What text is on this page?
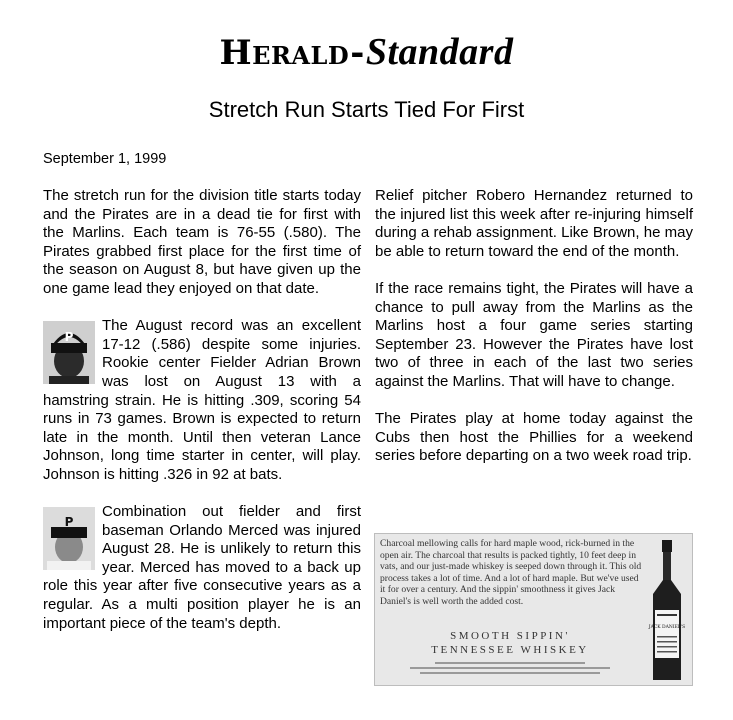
Herald-Standard
Stretch Run Starts Tied For First
September 1, 1999

The stretch run for the division title starts today and the Pirates are in a dead tie for first with the Marlins. Each team is 76-55 (.580). The Pirates grabbed first place for the first time of the season on August 8, but have given up the one game lead they enjoyed on that date.

P
The August record was an excellent 17-12 (.586) despite some injuries. Rookie center Fielder Adrian Brown was lost on August 13 with a hamstring strain. He is hitting .309, scoring 54 runs in 73 games. Brown is expected to return late in the month. Until then veteran Lance Johnson, long time starter in center, will play. Johnson is hitting .326 in 92 at bats.

P
Combination out fielder and first baseman Orlando Merced was injured August 28. He is unlikely to return this year. Merced has moved to a back up role this year after five consecutive years as a regular. As a multi position player he is an important piece of the team's depth.

Relief pitcher Robero Hernandez returned to the injured list this week after re-injuring himself during a rehab assignment. Like Brown, he may be able to return toward the end of the month.

If the race remains tight, the Pirates will have a chance to pull away from the Marlins as the Marlins host a four game series starting September 23. However the Pirates have lost two of three in each of the last two series against the Marlins. That will have to change.

The Pirates play at home today against the Cubs then host the Phillies for a weekend series before departing on a two week road trip.

Charcoal mellowing calls for hard maple wood, rick-burned in the open air. The charcoal that results is packed tightly, 10 feet deep in vats, and our just-made whiskey is seeped down through it. This old process takes a lot of time. And a lot of hard maple. But we've used it for over a century. And the sippin' smoothness it gives Jack Daniel's is well worth the added cost.
SMOOTH SIPPIN'
TENNESSEE WHISKEY
JACK DANIEL'S
